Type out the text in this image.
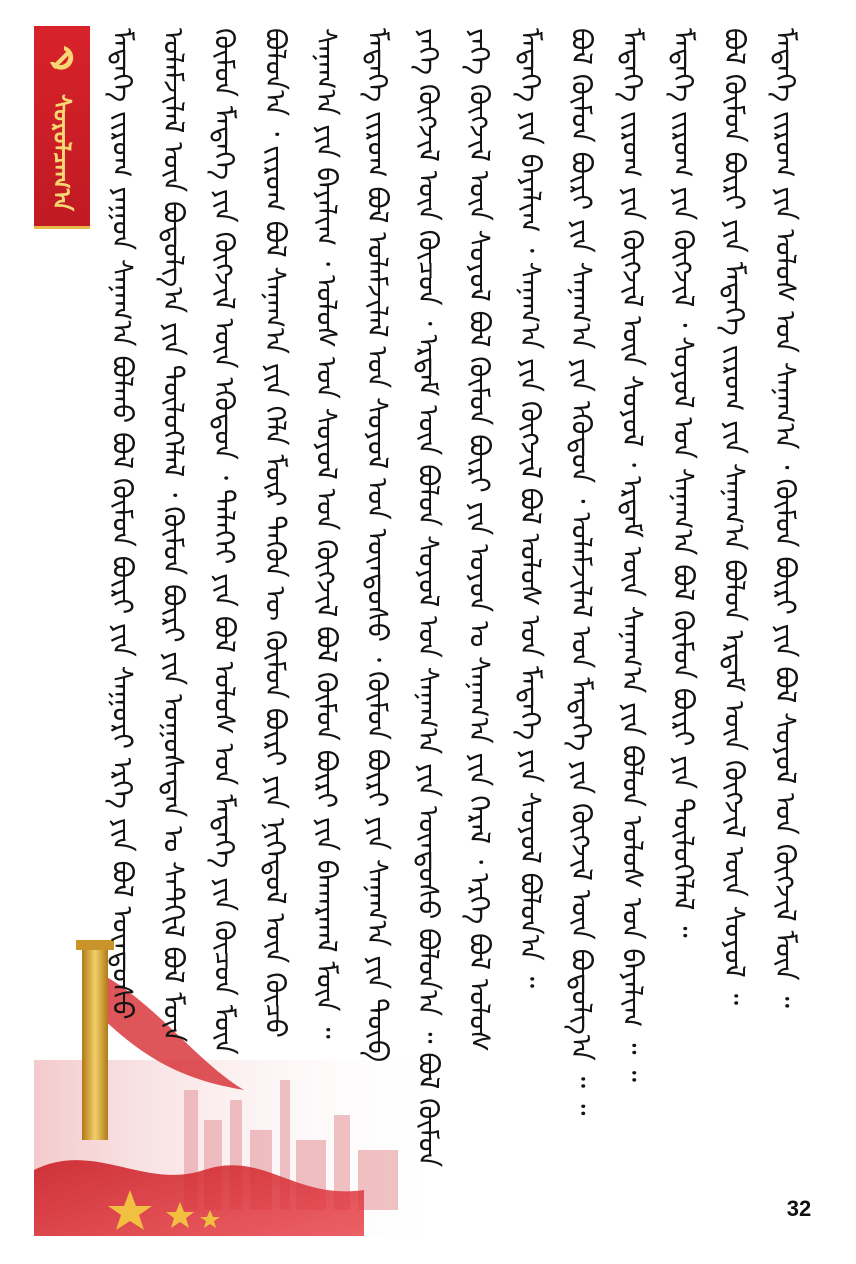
ᠰᠤᠷᠤᠯᠴᠠᠭ᠎ᠠ ᠮᠡᠳᠡᠭᠡ ᠵᠢᠷᠤᠭ᠋ ᠶᠠᠭᠤᠨ ᠰᠠᠨᠠᠭ᠎ᠠ ᠪᠣᠯᠬᠤ ᠪᠣᠯ ᠬᠥᠮᠦᠨ ᠪᠦᠷᠢ ᠶᠢᠨ ᠰᠠᠭᠤᠷᠢ ᠡᠷᠬᠡ ᠶᠢᠨ ᠪᠣᠯ ᠦᠨᠳᠦᠰᠦ ᠤᠯᠠᠮᠵᠢᠯᠠᠯ ᠦᠨ ᠪᠣᠳᠤᠯᠭ᠎ᠠ ᠶᠢᠨ ᠲᠥᠯᠥᠭᠡᠯᠡᠯ ᠂ ᠬᠥᠮᠦᠨ ᠪᠦᠷᠢ ᠶᠢᠨ ᠤᠭᠤᠰᠠᠲᠠᠨ ᠤ ᠰᠡᠲᠭᠢᠯ ᠪᠣᠯ ᠮᠥᠨ ᠬᠦᠮᠦᠨ ᠮᠡᠳᠡᠭᠡ ᠶᠢᠨ ᠬᠥᠭᠵᠢᠯ ᠦᠨ ᠡᠭᠦᠳᠦᠨ ᠂ ᠳᠡᠯᠡᠬᠡᠢ ᠶᠢᠨ ᠪᠣᠯ ᠤᠯᠤᠰ ᠤᠨ ᠮᠡᠳᠡᠭᠡ ᠶᠢᠨ ᠬᠦᠴᠦᠨ ᠮᠥᠨ ᠪᠣᠯᠤᠨ᠎ᠠ ᠂ ᠵᠢᠷᠤᠭ᠋ ᠪᠣᠯ ᠰᠠᠨᠠᠭ᠎ᠠ ᠶᠢᠨ ᠬᠡᠯᠡ ᠮᠥᠷ ᠲᠡᠭᠦᠨ ᠦ ᠬᠥᠮᠦᠨ ᠪᠦᠷᠢ ᠶᠢᠨ ᠨᠢᠭᠡᠳᠦᠯ ᠦᠨ ᠬᠦᠴᠦ ᠰᠠᠨᠠᠭ᠎ᠠ ᠶᠢᠨ ᠪᠠᠶᠠᠯᠢᠭ ᠂ ᠤᠯᠤᠰ ᠤᠨ ᠰᠣᠶᠣᠯ ᠤᠨ ᠬᠥᠭᠵᠢᠯ ᠪᠣᠯ ᠬᠥᠮᠦᠨ ᠪᠦᠷᠢ ᠶᠢᠨ ᠪᠠᠬᠠᠷᠬᠠᠯ ᠮᠥᠨ ᠃ ᠮᠡᠳᠡᠭᠡ ᠵᠢᠷᠤᠭ᠋ ᠪᠣᠯ ᠤᠯᠠᠮᠵᠢᠯᠠᠯ ᠤᠨ ᠰᠣᠶᠣᠯ ᠤᠨ ᠦᠨᠳᠦᠰᠦ ᠂ ᠬᠥᠮᠦᠨ ᠪᠦᠷᠢ ᠶᠢᠨ ᠰᠠᠨᠠᠭ᠎ᠠ ᠶᠢᠨ ᠲᠥᠪ ᠶᠡᠬᠡ ᠬᠥᠭᠵᠢᠯ ᠦᠨ ᠬᠦᠴᠦᠨ ᠂ ᠡᠷᠳᠡᠮ ᠦᠨ ᠪᠣᠯᠤᠨ ᠰᠣᠶᠣᠯ ᠤᠨ ᠰᠠᠨᠠᠭ᠎ᠠ ᠶᠢᠨ ᠦᠨᠳᠦᠰᠦ ᠪᠣᠯᠤᠨ᠎ᠠ ᠃ ᠪᠣᠯ ᠬᠦᠮᠦᠨ ᠶᠡᠬᠡ ᠬᠥᠭᠵᠢᠯ ᠦᠨ ᠰᠣᠶᠣᠯ ᠪᠣᠯ ᠬᠥᠮᠦᠨ ᠪᠦᠷᠢ ᠶᠢᠨ ᠣᠶᠤᠨ ᠤ ᠰᠠᠨᠠᠭ᠎ᠠ ᠶᠢᠨ ᠭᠡᠷᠡᠯ ᠂ ᠡᠷᠬᠡ ᠪᠣᠯ ᠤᠯᠤᠰ ᠮᠡᠳᠡᠭᠡ ᠶᠢᠨ ᠪᠠᠶᠠᠯᠢᠭ ᠂ ᠰᠠᠨᠠᠭ᠎ᠠ ᠶᠢᠨ ᠬᠥᠭᠵᠢᠯ ᠪᠣᠯ ᠤᠯᠤᠰ ᠤᠨ ᠮᠡᠳᠡᠭᠡ ᠶᠢᠨ ᠰᠣᠶᠣᠯ ᠪᠣᠯᠤᠨ᠎ᠠ ᠃ ᠪᠣᠯ ᠬᠥᠮᠦᠨ ᠪᠦᠷᠢ ᠶᠢᠨ ᠰᠠᠨᠠᠭ᠎ᠠ ᠶᠢᠨ ᠡᠭᠦᠳᠦᠨ ᠂ ᠤᠯᠠᠮᠵᠢᠯᠠᠯ ᠤᠨ ᠮᠡᠳᠡᠭᠡ ᠶᠢᠨ ᠬᠥᠭᠵᠢᠯ ᠦᠨ ᠪᠣᠳᠤᠯᠭ᠎ᠠ ᠃ ᠃ ᠮᠡᠳᠡᠭᠡ ᠵᠢᠷᠤᠭ᠋ ᠶᠢᠨ ᠬᠥᠭᠵᠢᠯ ᠦᠨ ᠰᠣᠶᠣᠯ ᠂ ᠡᠷᠳᠡᠮ ᠦᠨ ᠰᠠᠨᠠᠭ᠎ᠠ ᠶᠢᠨ ᠪᠣᠯᠤᠨ ᠤᠯᠤᠰ ᠤᠨ ᠪᠠᠶᠠᠯᠢᠭ ᠃ ᠃ ᠮᠡᠳᠡᠭᠡ ᠵᠢᠷᠤᠭ᠋ ᠶᠢᠨ ᠬᠥᠭᠵᠢᠯ ᠂ ᠰᠣᠶᠣᠯ ᠤᠨ ᠰᠠᠨᠠᠭ᠎ᠠ ᠪᠣᠯ ᠬᠥᠮᠦᠨ ᠪᠦᠷᠢ ᠶᠢᠨ ᠲᠥᠯᠥᠭᠡᠯᠡᠯ ᠃ ᠪᠣᠯ ᠬᠥᠮᠦᠨ ᠪᠦᠷᠢ ᠶᠢᠨ ᠮᠡᠳᠡᠭᠡ ᠵᠢᠷᠤᠭ᠋ ᠶᠢᠨ ᠰᠠᠨᠠᠭ᠎ᠠ ᠪᠣᠯᠤᠨ ᠡᠷᠳᠡᠮ ᠦᠨ ᠬᠥᠭᠵᠢᠯ ᠦᠨ ᠰᠣᠶᠣᠯ ᠃ ᠮᠡᠳᠡᠭᠡ ᠵᠢᠷᠤᠭ᠋ ᠶᠢᠨ ᠤᠯᠤᠰ ᠤᠨ ᠰᠠᠨᠠᠭ᠎ᠠ ᠂ ᠬᠥᠮᠦᠨ ᠪᠦᠷᠢ ᠶᠢᠨ ᠪᠣᠯ ᠰᠣᠶᠣᠯ ᠤᠨ ᠬᠥᠭᠵᠢᠯ ᠮᠥᠨ ᠃
32
